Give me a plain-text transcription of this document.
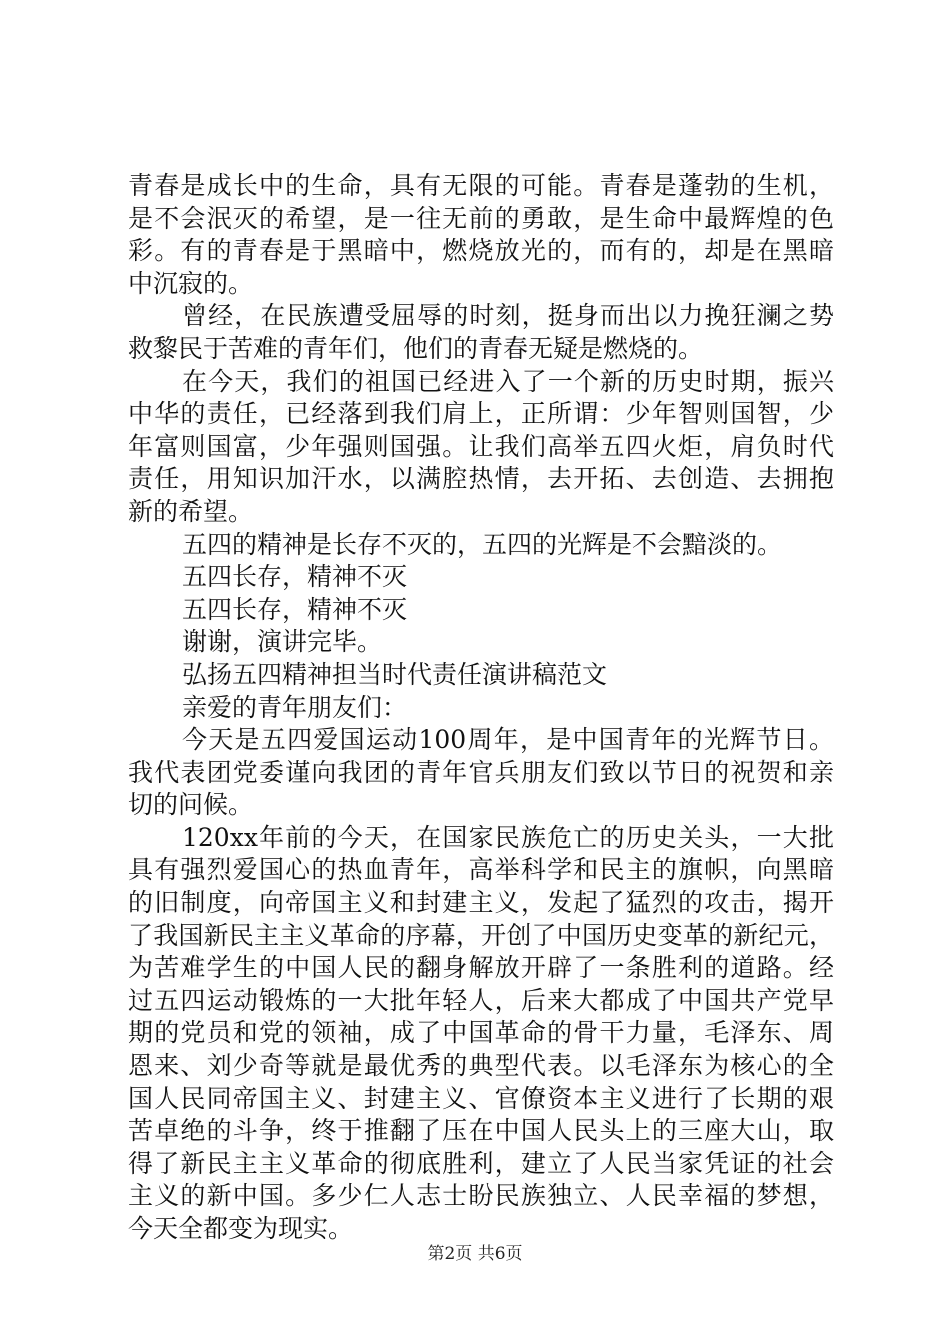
青春是成长中的生命，具有无限的可能。青春是蓬勃的生机，
是不会泯灭的希望，是一往无前的勇敢，是生命中最辉煌的色
彩。有的青春是于黑暗中，燃烧放光的，而有的，却是在黑暗
中沉寂的。
曾经，在民族遭受屈辱的时刻，挺身而出以力挽狂澜之势
救黎民于苦难的青年们，他们的青春无疑是燃烧的。
在今天，我们的祖国已经进入了一个新的历史时期，振兴
中华的责任，已经落到我们肩上，正所谓：少年智则国智，少
年富则国富，少年强则国强。让我们高举五四火炬，肩负时代
责任，用知识加汗水，以满腔热情，去开拓、去创造、去拥抱
新的希望。
五四的精神是长存不灭的，五四的光辉是不会黯淡的。
五四长存，精神不灭
五四长存，精神不灭
谢谢，演讲完毕。
弘扬五四精神担当时代责任演讲稿范文
亲爱的青年朋友们：
今天是五四爱国运动100周年，是中国青年的光辉节日。
我代表团党委谨向我团的青年官兵朋友们致以节日的祝贺和亲
切的问候。
120xx年前的今天，在国家民族危亡的历史关头，一大批
具有强烈爱国心的热血青年，高举科学和民主的旗帜，向黑暗
的旧制度，向帝国主义和封建主义，发起了猛烈的攻击，揭开
了我国新民主主义革命的序幕，开创了中国历史变革的新纪元，
为苦难学生的中国人民的翻身解放开辟了一条胜利的道路。经
过五四运动锻炼的一大批年轻人，后来大都成了中国共产党早
期的党员和党的领袖，成了中国革命的骨干力量，毛泽东、周
恩来、刘少奇等就是最优秀的典型代表。以毛泽东为核心的全
国人民同帝国主义、封建主义、官僚资本主义进行了长期的艰
苦卓绝的斗争，终于推翻了压在中国人民头上的三座大山，取
得了新民主主义革命的彻底胜利，建立了人民当家凭证的社会
主义的新中国。多少仁人志士盼民族独立、人民幸福的梦想，
今天全都变为现实。
第2页 共6页
